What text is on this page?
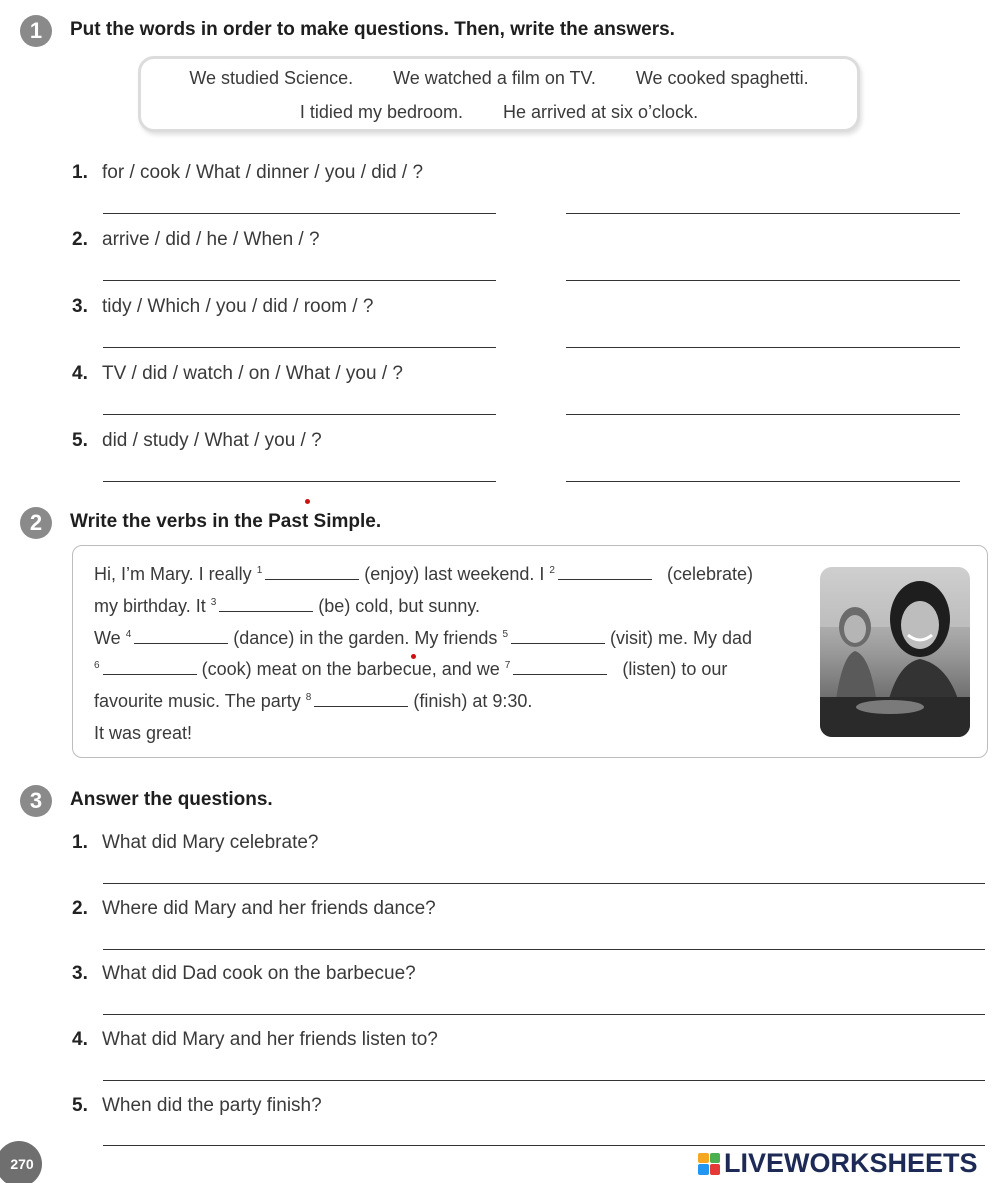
1	Put the words in order to make questions. Then, write the answers.
We studied Science. We watched a film on TV. We cooked spaghetti.
I tidied my bedroom. He arrived at six o’clock.
1. for / cook / What / dinner / you / did / ?
2. arrive / did / he / When / ?
3. tidy / Which / you / did / room / ?
4. TV / did / watch / on / What / you / ?
5. did / study / What / you / ?
2	Write the verbs in the Past Simple.
Hi, I’m Mary. I really $^1$	(enjoy) last weekend. I $^2$	(celebrate)
my birthday. It $^3$	(be) cold, but sunny.
We $^4$	(dance) in the garden. My friends $^5$	(visit) me. My dad
$^6$	(cook) meat on the barbecue, and we $^7$	(listen) to our
favourite music. The party $^8$	(finish) at 9:30.
It was great!
3	Answer the questions.
1. What did Mary celebrate?
2. Where did Mary and her friends dance?
3. What did Dad cook on the barbecue?
4. What did Mary and her friends listen to?
5. When did the party finish?
270	LIVEWORKSHEETS
